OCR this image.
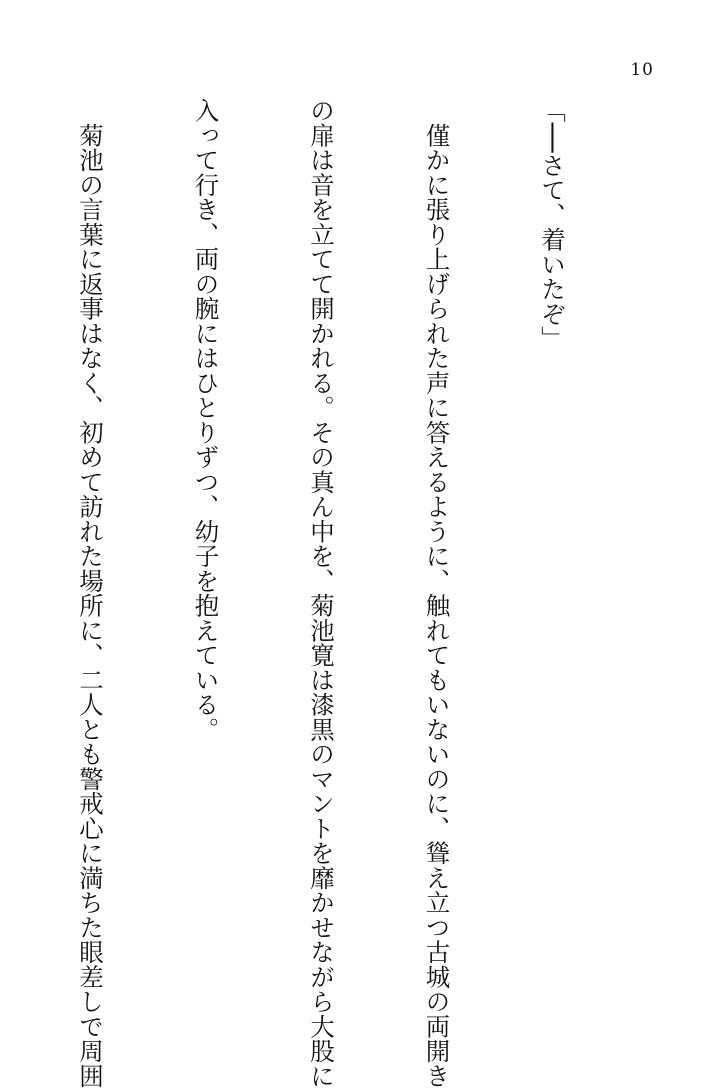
10

「──さて、着いたぞ」

　僅かに張り上げられた声に答えるように、触れてもいないのに、聳え立つ古城の両開き

の扉は音を立てて開かれる。その真ん中を、菊池寛は漆黒のマントを靡かせながら大股に

入って行き、両の腕にはひとりずつ、幼子を抱えている。

　菊池の言葉に返事はなく、初めて訪れた場所に、二人とも警戒心に満ちた眼差しで周囲
